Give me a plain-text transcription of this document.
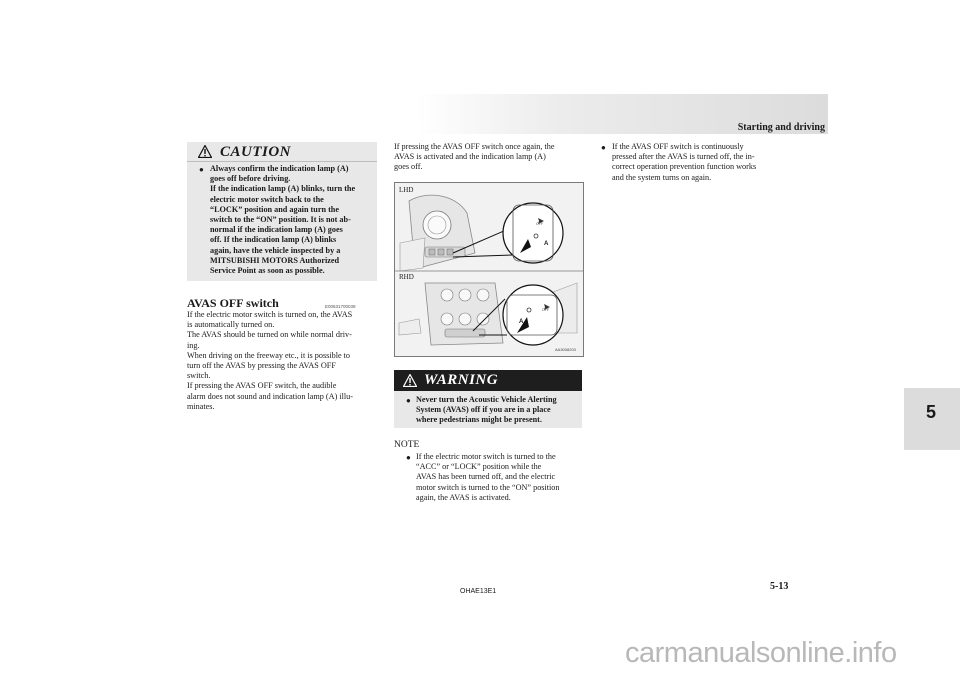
Starting and driving
5
CAUTION
● Always confirm the indication lamp (A)
goes off before driving.
If the indication lamp (A) blinks, turn the
electric motor switch back to the
“LOCK” position and again turn the
switch to the “ON” position. It is not ab-
normal if the indication lamp (A) goes
off. If the indication lamp (A) blinks
again, have the vehicle inspected by a
MITSUBISHI MOTORS Authorized
Service Point as soon as possible.
AVAS OFF switch	E00631700039
If the electric motor switch is turned on, the AVAS
is automatically turned on.
The AVAS should be turned on while normal driv-
ing.
When driving on the freeway etc., it is possible to
turn off the AVAS by pressing the AVAS OFF
switch.
If pressing the AVAS OFF switch, the audible
alarm does not sound and indication lamp (A) illu-
minates.
If pressing the AVAS OFF switch once again, the
AVAS is activated and the indication lamp (A)
goes off.
LHD
RHD
A
A
OFF
OFF
AA3008203
WARNING
● Never turn the Acoustic Vehicle Alerting
System (AVAS) off if you are in a place
where pedestrians might be present.
NOTE
● If the electric motor switch is turned to the
“ACC” or “LOCK” position while the
AVAS has been turned off, and the electric
motor switch is turned to the “ON” position
again, the AVAS is activated.
● If the AVAS OFF switch is continuously
pressed after the AVAS is turned off, the in-
correct operation prevention function works
and the system turns on again.
OHAE13E1	5-13
carmanualsonline.info
